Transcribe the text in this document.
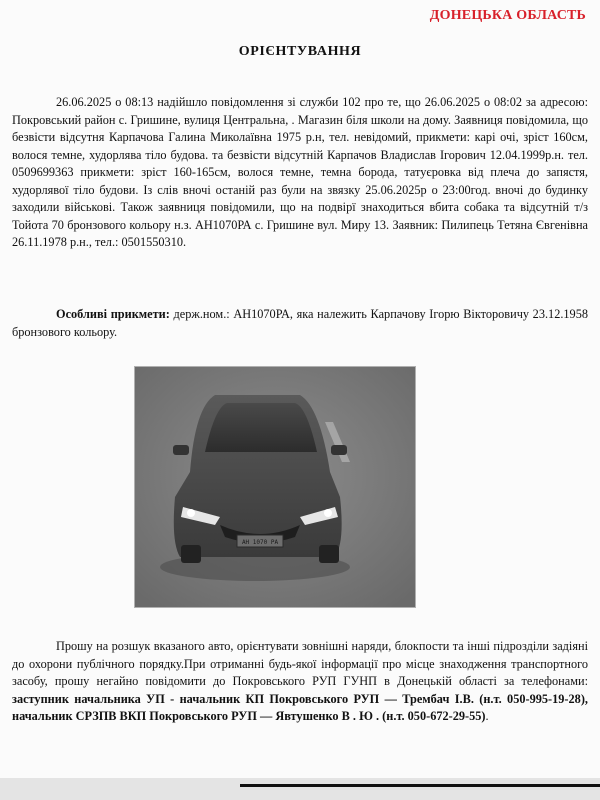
ДОНЕЦЬКА ОБЛАСТЬ
ОРІЄНТУВАННЯ
26.06.2025 о 08:13 надійшло повідомлення зі служби 102 про те, що 26.06.2025 о 08:02 за адресою: Покровський район с. Гришине, вулиця Центральна, . Магазин біля школи на дому. Заявниця повідомила, що безвісти відсутня Карпачова Галина Миколаївна 1975 р.н, тел. невідомий, прикмети: карі очі, зріст 160см, волося темне, худорлява тіло будова. та безвісти відсутній Карпачов Владислав Ігорович 12.04.1999р.н. тел. 0509699363 прикмети: зріст 160-165см, волося темне, темна борода, татуєровка від плеча до запястя, худорлявої тіло будови. Із слів вночі останій раз були на звязку 25.06.2025р о 23:00год. вночі до будинку заходили військові. Також заявниця повідомили, що на подвірї знаходиться вбита собака та відсутній т/з Тойота 70 бронзового кольору н.з. АН1070РА с. Гришине вул. Миру 13. Заявник: Пилипець Тетяна Євгенівна 26.11.1978 р.н., тел.: 0501550310.
Особливі прикмети: держ.ном.: АН1070РА, яка належить Карпачову Ігорю Вікторовичу 23.12.1958 бронзового кольору.
АН 1070 РА
Прошу на розшук вказаного авто, орієнтувати зовнішні наряди, блокпости та інші підрозділи задіяні до охорони публічного порядку.При отриманні будь-якої інформації про місце знаходження транспортного засобу, прошу негайно повідомити до Покровського РУП ГУНП в Донецькій області за телефонами: заступник начальника УП - начальник КП Покровського РУП — Трембач І.В. (н.т. 050-995-19-28), начальник СРЗПВ ВКП Покровського РУП — Явтушенко В . Ю . (н.т. 050-672-29-55).
